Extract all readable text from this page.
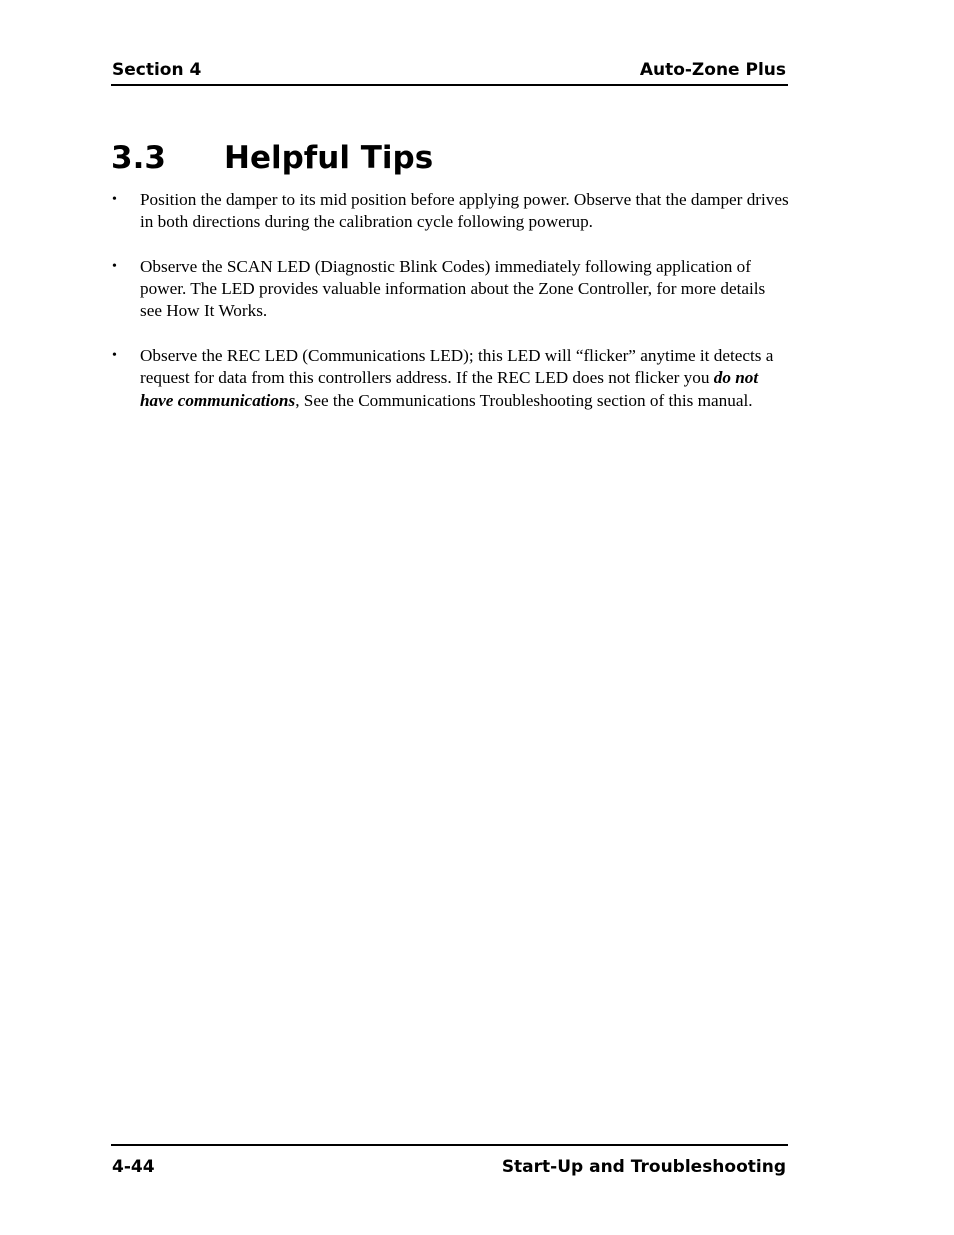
Section 4	Auto-Zone Plus
3.3 Helpful Tips
• Position the damper to its mid position before applying power. Observe that the damper drives in both directions during the calibration cycle following powerup.
• Observe the SCAN LED (Diagnostic Blink Codes) immediately following application of power. The LED provides valuable information about the Zone Controller, for more details see How It Works.
• Observe the REC LED (Communications LED); this LED will “flicker” anytime it detects a request for data from this controllers address. If the REC LED does not flicker you do not have communications, See the Communications Troubleshooting section of this manual.
4-44	Start-Up and Troubleshooting
